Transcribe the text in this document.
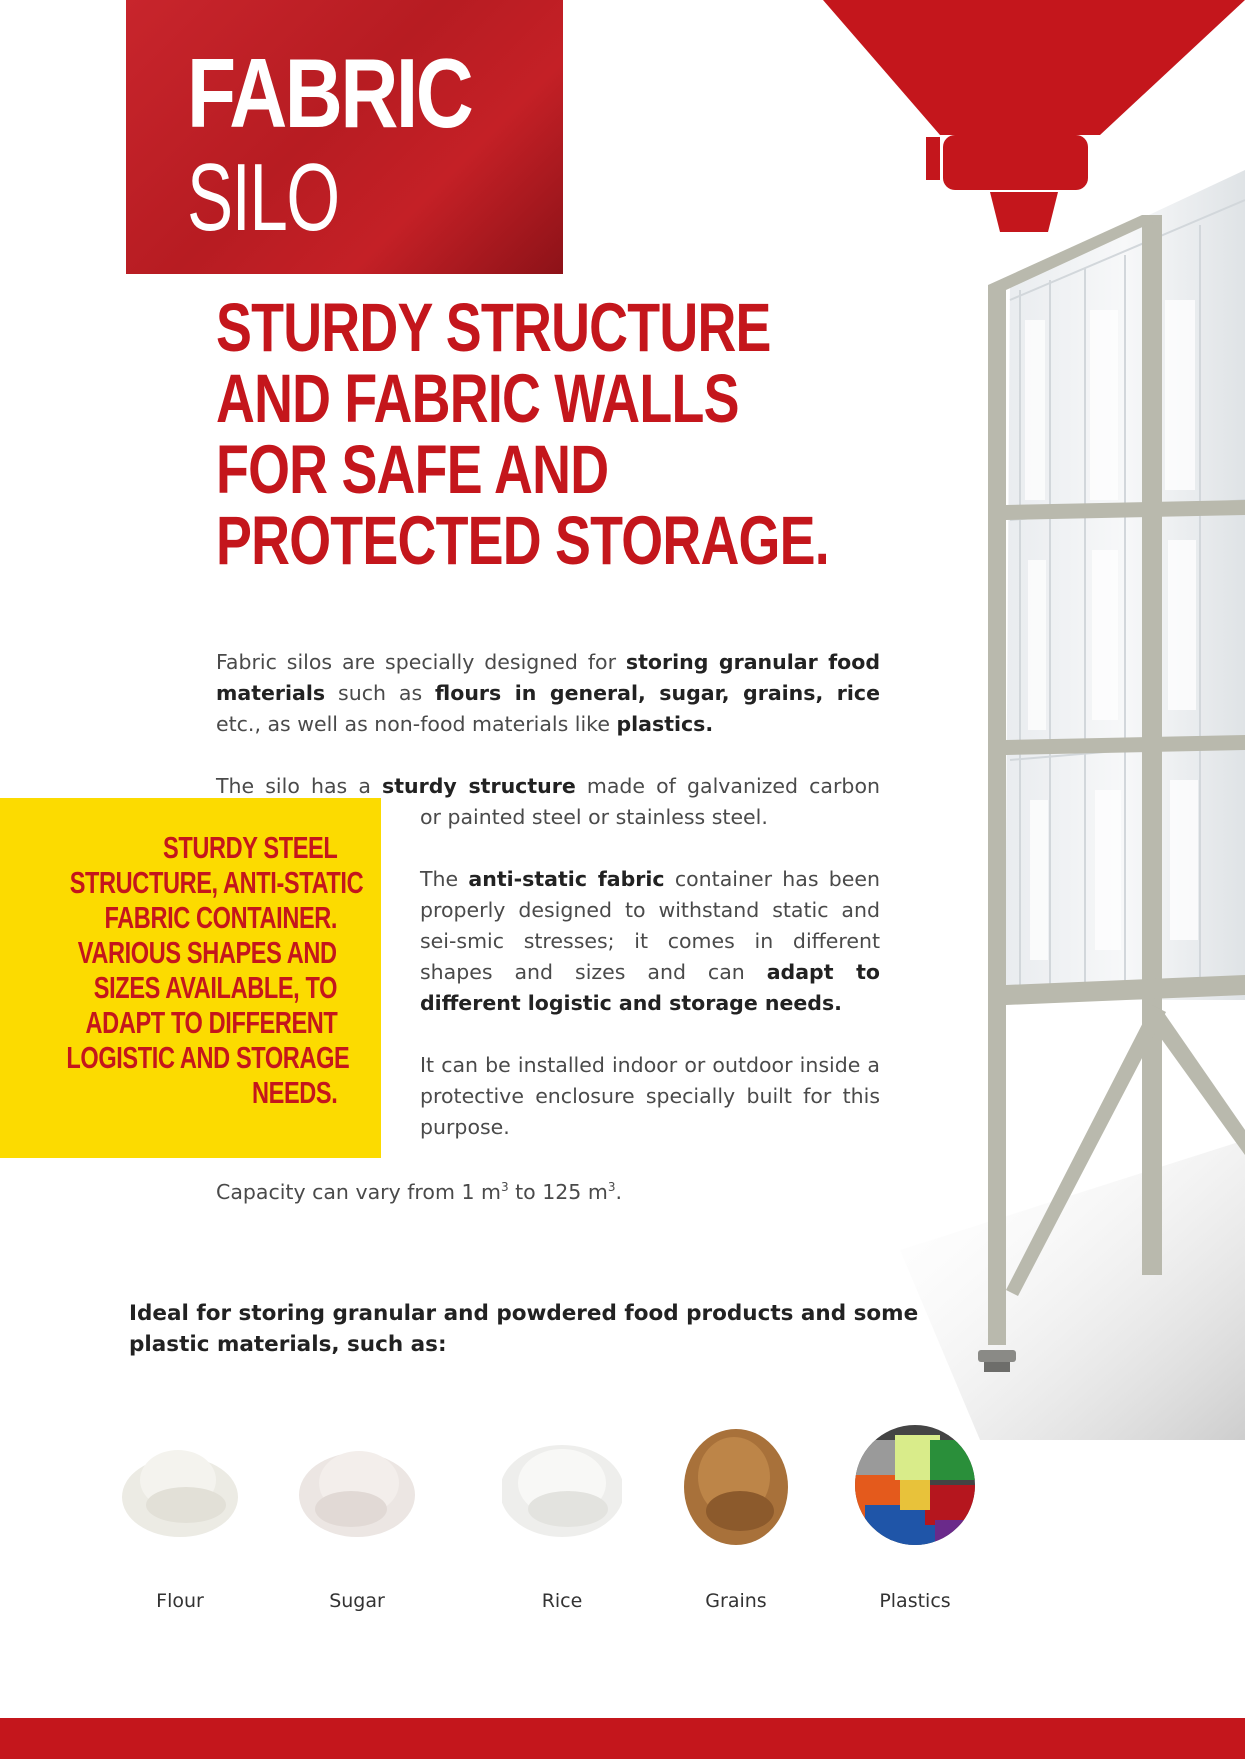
FABRIC
SILO
STURDY STRUCTURE
AND FABRIC WALLS
FOR SAFE AND
PROTECTED STORAGE.
Fabric silos are specially designed for storing granular food materials such as flours in general, sugar, grains, rice etc., as well as non-food materials like plastics.
The silo has a sturdy structure made of galvanized carbon
or painted steel or stainless steel.
STURDY STEEL
STRUCTURE, ANTI-STATIC
FABRIC CONTAINER.
VARIOUS SHAPES AND
SIZES AVAILABLE, TO
ADAPT TO DIFFERENT
LOGISTIC AND STORAGE
NEEDS.
The anti-static fabric container has been properly designed to withstand static and sei-smic stresses; it comes in different shapes and sizes and can adapt to different logistic and storage needs.
It can be installed indoor or outdoor inside a protective enclosure specially built for this purpose.
Capacity can vary from 1 $m^3$ to 125 $m^3$.
Ideal for storing granular and powdered food products and some plastic materials, such as:
Flour	Sugar	Rice	Grains	Plastics
